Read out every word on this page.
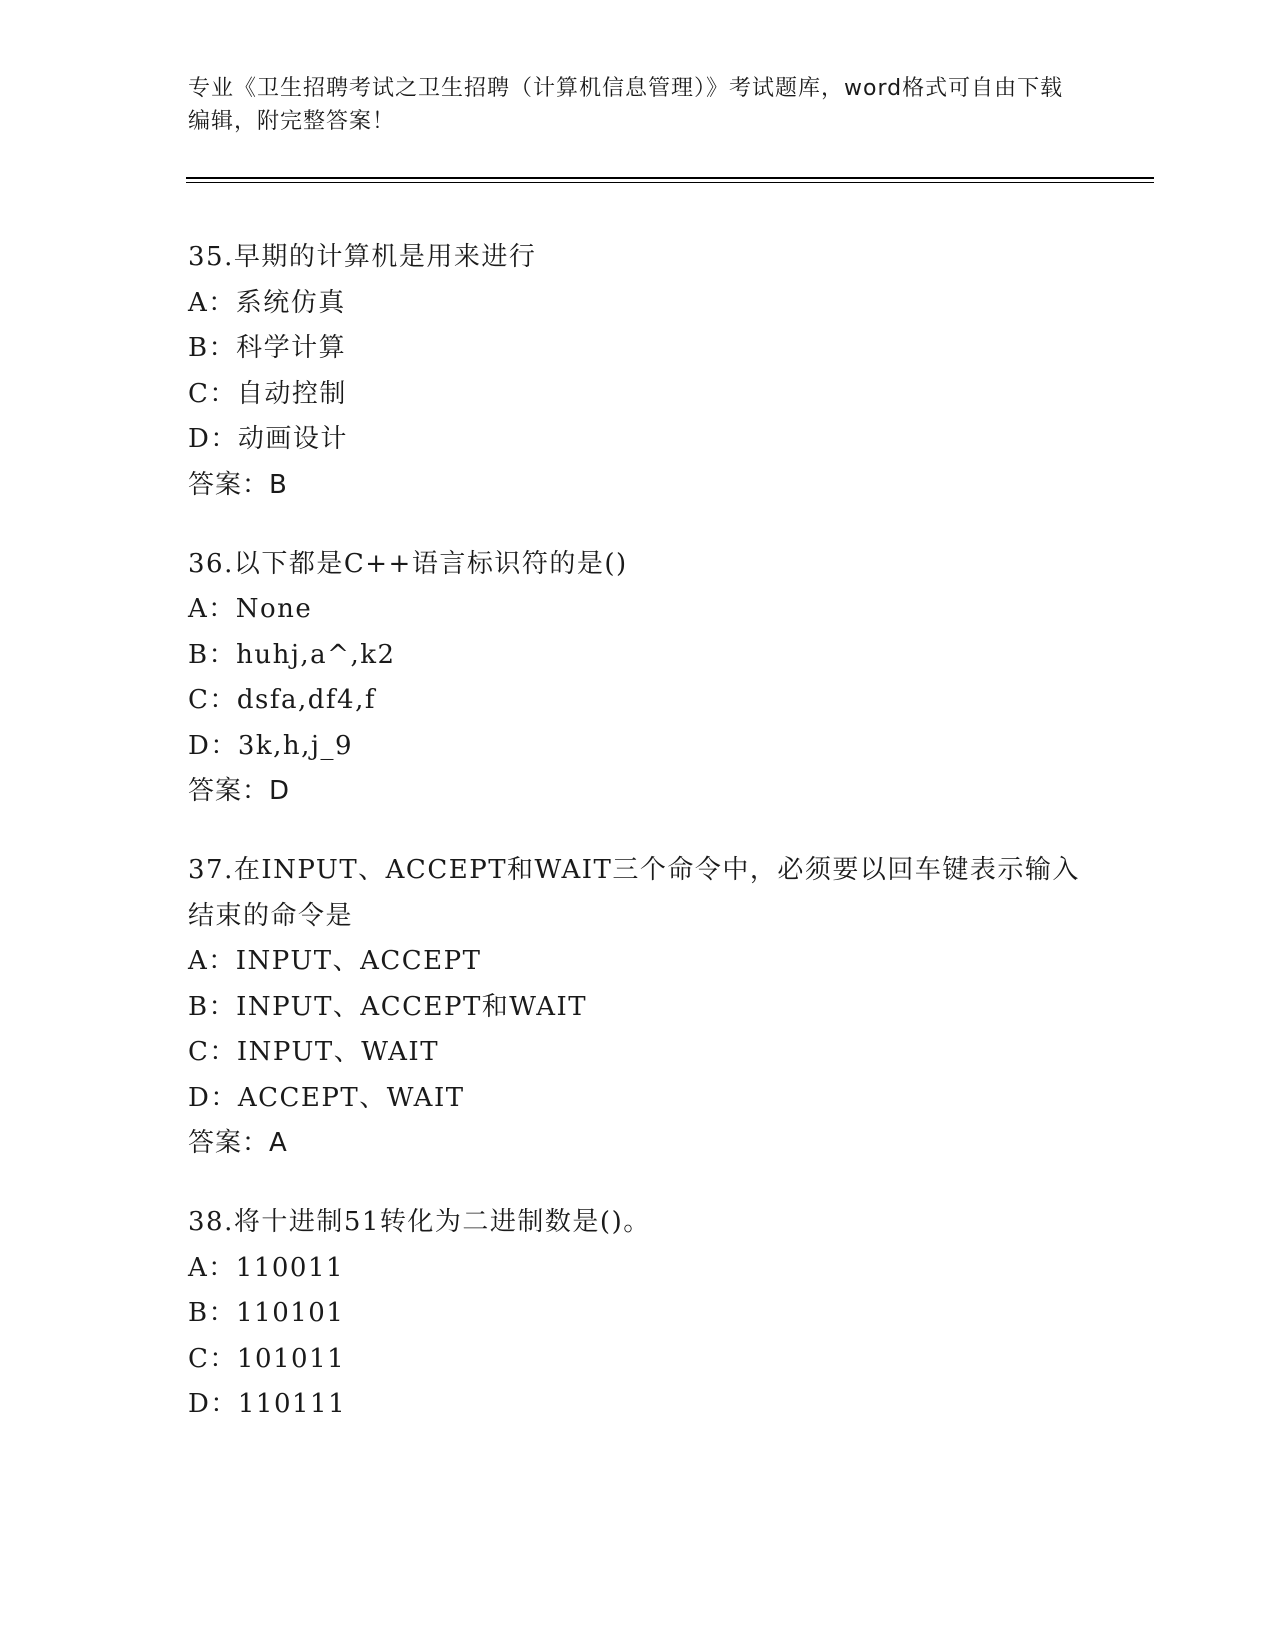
专业《卫生招聘考试之卫生招聘（计算机信息管理）》考试题库，word格式可自由下载编辑，附完整答案！
35.早期的计算机是用来进行
A：系统仿真
B：科学计算
C：自动控制
D：动画设计
答案：B
36.以下都是C++语言标识符的是()
A：None
B：huhj,a^,k2
C：dsfa,df4,f
D：3k,h,j_9
答案：D
37.在INPUT、ACCEPT和WAIT三个命令中，必须要以回车键表示输入结束的命令是
A：INPUT、ACCEPT
B：INPUT、ACCEPT和WAIT
C：INPUT、WAIT
D：ACCEPT、WAIT
答案：A
38.将十进制51转化为二进制数是()。
A：110011
B：110101
C：101011
D：110111
